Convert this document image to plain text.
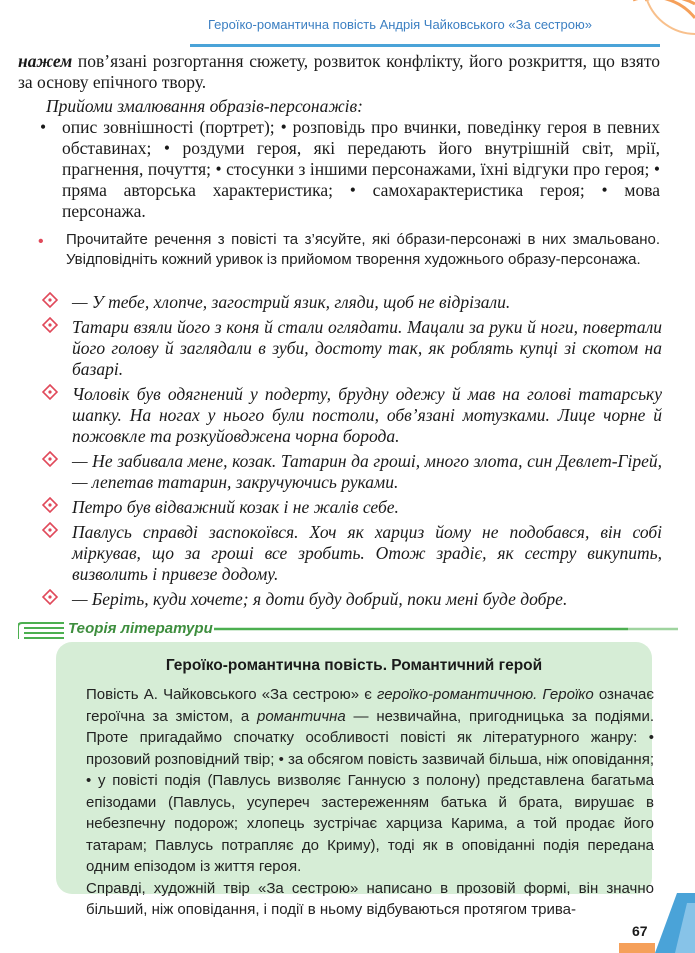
Героїко-романтична повість Андрія Чайковського «За сестрою»
нажем пов’язані розгортання сюжету, розвиток конфлікту, його розкриття, що взято за основу епічного твору.
Прийоми змалювання образів-персонажів:
• опис зовнішності (портрет); • розповідь про вчинки, поведінку героя в певних обставинах; • роздуми героя, які передають його внутрішній світ, мрії, прагнення, почуття; • стосунки з іншими персонажами, їхні відгуки про героя; • пряма авторська характеристика; • самохарактеристика героя; • мова персонажа.
•	Прочитайте речення з повісті та з’ясуйте, які óбрази-персонажі в них змальовано. Увідповідніть кожний уривок із прийомом творення художнього образу-персонажа.
— У тебе, хлопче, загострий язик, гляди, щоб не відрізали.
Татари взяли його з коня й стали оглядати. Мацали за руки й ноги, повертали його голову й заглядали в зуби, достоту так, як роблять купці зі скотом на базарі.
Чоловік був одягнений у подерту, брудну одежу й мав на голові татарську шапку. На ногах у нього були постоли, обв’язані мотузками. Лице чорне й пожовкле та розкуйовджена чорна борода.
— Не забивала мене, козак. Татарин да гроші, много злота, син Девлет-Гірей, — лепетав татарин, закручуючись руками.
Петро був відважний козак і не жалів себе.
Павлусь справді заспокоївся. Хоч як харциз йому не подобався, він собі міркував, що за гроші все зробить. Отож зрадіє, як сестру викупить, визволить і привезе додому.
— Беріть, куди хочете; я доти буду добрий, поки мені буде добре.
Теорія літератури
Героїко-романтична повість. Романтичний герой

Повість А. Чайковського «За сестрою» є героїко-романтичною. Героїко означає героїчна за змістом, а романтична — незвичайна, пригодницька за подіями. Проте пригадаймо спочатку особливості повісті як літературного жанру: • прозовий розповідний твір; • за обсягом повість зазвичай більша, ніж оповідання; • у повісті подія (Павлусь визволяє Ганнусю з полону) представлена багатьма епізодами (Павлусь, усупереч застереженням батька й брата, вирушає в небезпечну подорож; хлопець зустрічає харциза Карима, а той продає його татарам; Павлусь потрапляє до Криму), тоді як в оповіданні подія передана одним епізодом із життя героя.

Справді, художній твір «За сестрою» написано в прозовій формі, він значно більший, ніж оповідання, і події в ньому відбуваються протягом трива-

67
